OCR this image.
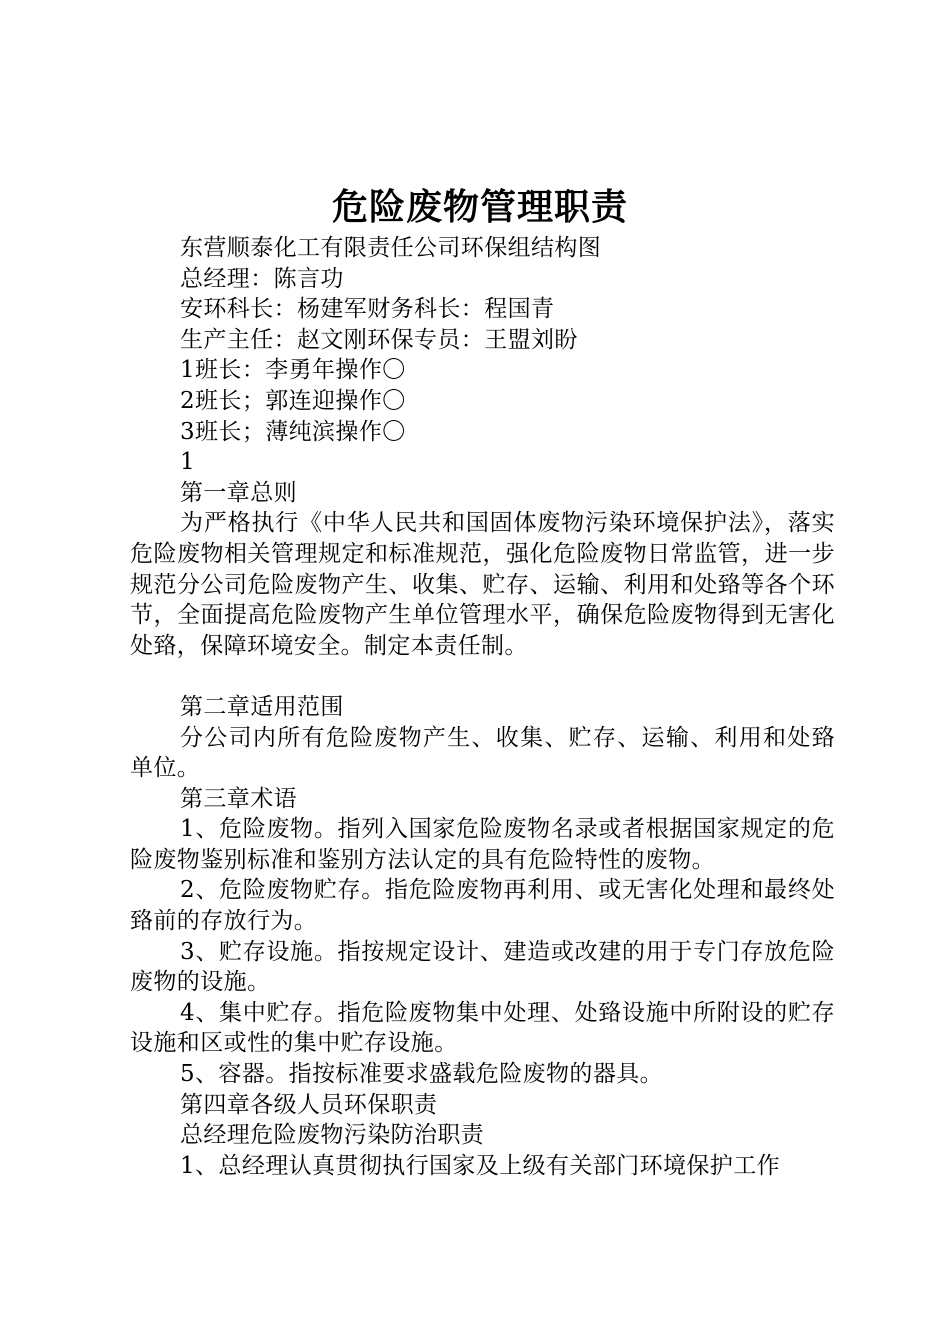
危险废物管理职责
东营顺泰化工有限责任公司环保组结构图
总经理：陈言功
安环科长：杨建军财务科长：程国青
生产主任：赵文刚环保专员：王盟刘盼
1班长：李勇年操作〇
2班长；郭连迎操作〇
3班长；薄纯滨操作〇
1
第一章总则

为严格执行《中华人民共和国固体废物污染环境保护法》，落实危险废物相关管理规定和标准规范，强化危险废物日常监管，进一步规范分公司危险废物产生、收集、贮存、运输、利用和处臵等各个环节，全面提高危险废物产生单位管理水平，确保危险废物得到无害化处臵，保障环境安全。制定本责任制。

第二章适用范围

分公司内所有危险废物产生、收集、贮存、运输、利用和处臵单位。

第三章术语

1、危险废物。指列入国家危险废物名录或者根据国家规定的危险废物鉴别标准和鉴别方法认定的具有危险特性的废物。

2、危险废物贮存。指危险废物再利用、或无害化处理和最终处臵前的存放行为。

3、贮存设施。指按规定设计、建造或改建的用于专门存放危险废物的设施。

4、集中贮存。指危险废物集中处理、处臵设施中所附设的贮存设施和区或性的集中贮存设施。

5、容器。指按标准要求盛载危险废物的器具。

第四章各级人员环保职责
总经理危险废物污染防治职责

1、总经理认真贯彻执行国家及上级有关部门环境保护工作
